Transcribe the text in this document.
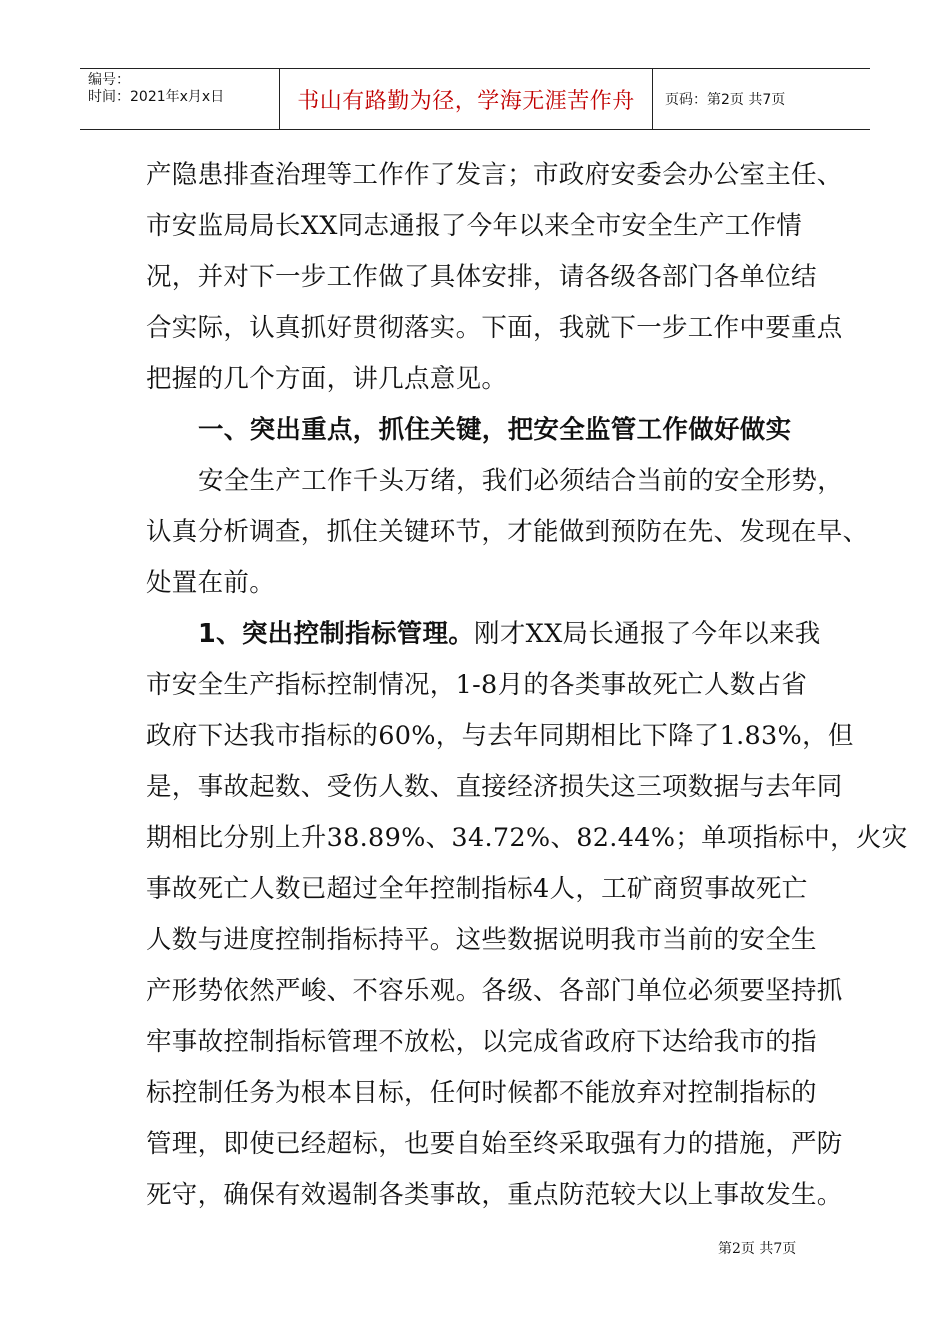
编号：
时间：2021年x月x日	书山有路勤为径，学海无涯苦作舟	页码：第2页 共7页
产隐患排查治理等工作作了发言；市政府安委会办公室主任、
市安监局局长XX同志通报了今年以来全市安全生产工作情
况，并对下一步工作做了具体安排，请各级各部门各单位结
合实际，认真抓好贯彻落实。下面，我就下一步工作中要重点
把握的几个方面，讲几点意见。
一、突出重点，抓住关键，把安全监管工作做好做实
安全生产工作千头万绪，我们必须结合当前的安全形势，
认真分析调查，抓住关键环节，才能做到预防在先、发现在早、
处置在前。
1、突出控制指标管理。刚才XX局长通报了今年以来我
市安全生产指标控制情况，1-8月的各类事故死亡人数占省
政府下达我市指标的60%，与去年同期相比下降了1.83%，但
是，事故起数、受伤人数、直接经济损失这三项数据与去年同
期相比分别上升38.89%、34.72%、82.44%；单项指标中，火灾
事故死亡人数已超过全年控制指标4人，工矿商贸事故死亡
人数与进度控制指标持平。这些数据说明我市当前的安全生
产形势依然严峻、不容乐观。各级、各部门单位必须要坚持抓
牢事故控制指标管理不放松，以完成省政府下达给我市的指
标控制任务为根本目标，任何时候都不能放弃对控制指标的
管理，即使已经超标，也要自始至终采取强有力的措施，严防
死守，确保有效遏制各类事故，重点防范较大以上事故发生。
第2页 共7页
